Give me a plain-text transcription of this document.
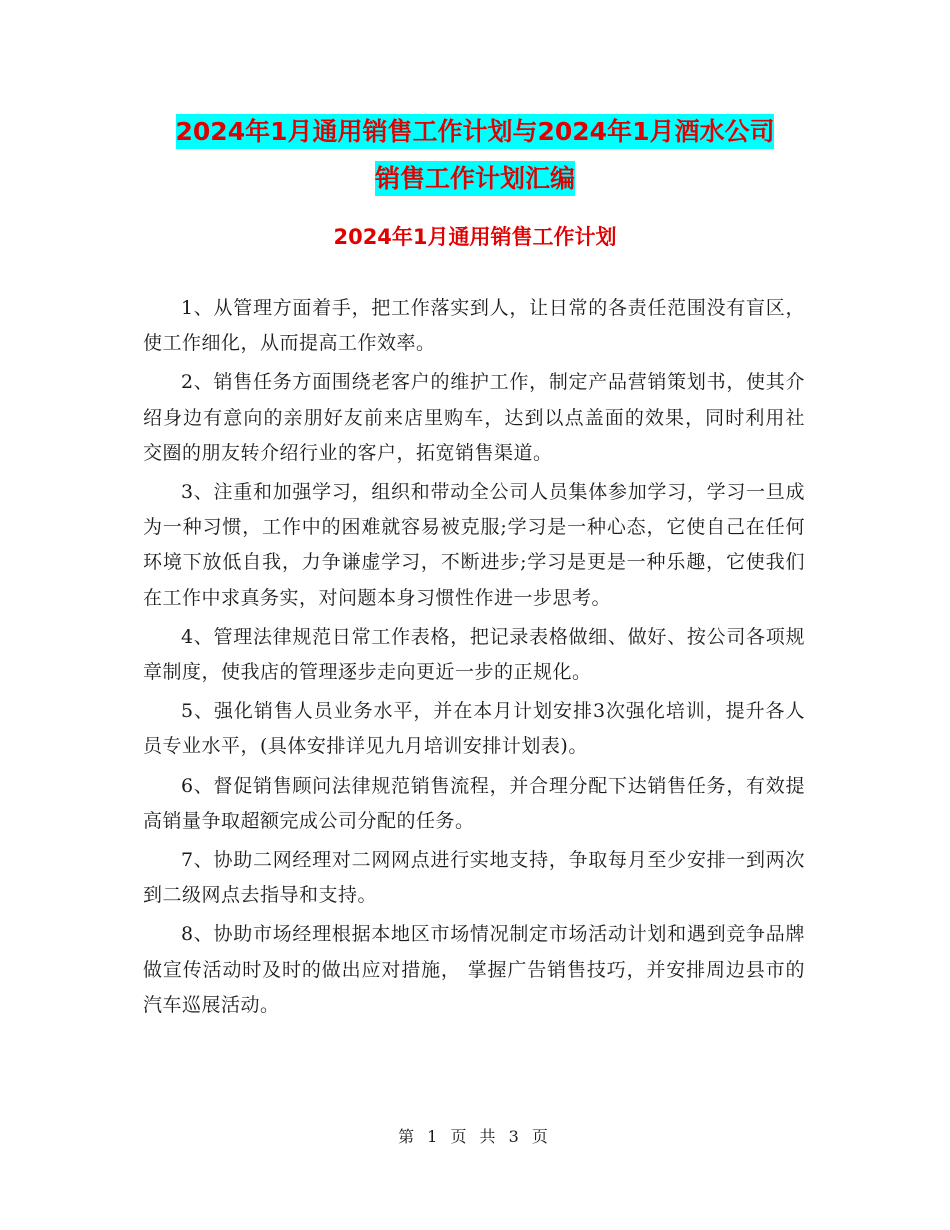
2024年1月通用销售工作计划与2024年1月酒水公司
销售工作计划汇编
2024年1月通用销售工作计划

1、从管理方面着手，把工作落实到人，让日常的各责任范围没有盲区，使工作细化，从而提高工作效率。

2、销售任务方面围绕老客户的维护工作，制定产品营销策划书，使其介绍身边有意向的亲朋好友前来店里购车，达到以点盖面的效果，同时利用社交圈的朋友转介绍行业的客户，拓宽销售渠道。

3、注重和加强学习，组织和带动全公司人员集体参加学习，学习一旦成为一种习惯，工作中的困难就容易被克服;学习是一种心态，它使自己在任何环境下放低自我，力争谦虚学习，不断进步;学习是更是一种乐趣，它使我们在工作中求真务实，对问题本身习惯性作进一步思考。

4、管理法律规范日常工作表格，把记录表格做细、做好、按公司各项规章制度，使我店的管理逐步走向更近一步的正规化。

5、强化销售人员业务水平，并在本月计划安排3次强化培训，提升各人员专业水平，(具体安排详见九月培训安排计划表)。

6、督促销售顾问法律规范销售流程，并合理分配下达销售任务，有效提高销量争取超额完成公司分配的任务。

7、协助二网经理对二网网点进行实地支持，争取每月至少安排一到两次到二级网点去指导和支持。

8、协助市场经理根据本地区市场情况制定市场活动计划和遇到竞争品牌做宣传活动时及时的做出应对措施， 掌握广告销售技巧，并安排周边县市的汽车巡展活动。

第 1 页 共 3 页
